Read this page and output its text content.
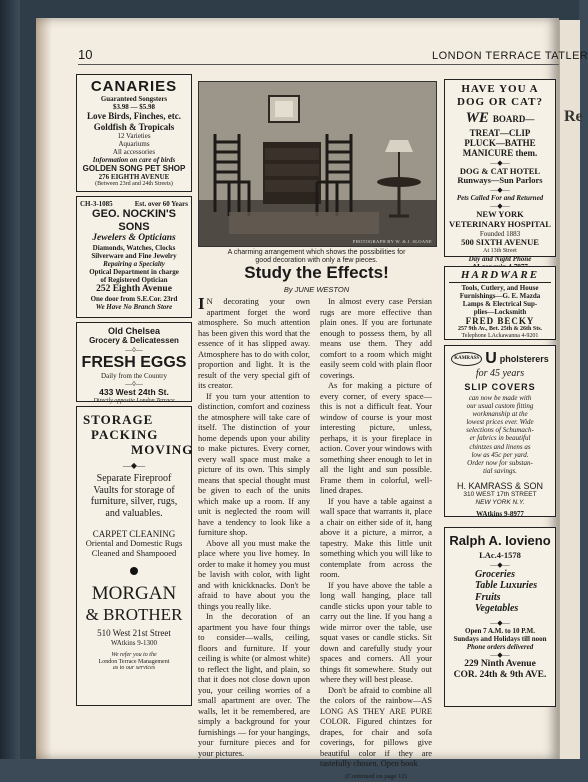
Re
10	LONDON TERRACE TATLER
CANARIES
Guaranteed Songsters
$3.98 — $5.98
Love Birds, Finches, etc.
Goldfish & Tropicals
12 Varieties
Aquariums
All accessories
Information on care of birds
GOLDEN SONG PET SHOP
276 EIGHTH AVENUE
(Between 23rd and 24th Streets)
CH-3-1085	Est. over 60 Years
GEO. NOCKIN'S SONS
Jewelers & Opticians
Diamonds, Watches, Clocks
Silverware and Fine Jewelry
Repairing a Specialty
Optical Department in charge
of Registered Optician
252 Eighth Avenue
One door from S.E.Cor. 23rd
We Have No Branch Store
Old Chelsea
Grocery & Delicatessen
—◊—
FRESH EGGS
Daily from the Country
—◊—
433 West 24th St.
Directly opposite London Terrace
STORAGE
PACKING
MOVING
—◆—
Separate Fireproof
Vaults for storage of
furniture, silver, rugs,
and valuables.
CARPET CLEANING
Oriental and Domestic Rugs
Cleaned and Shampooed
MORGAN
& BROTHER
510 West 21st Street
WAtkins 9-1300
We refer you to the
London Terrace Management
as to our services
PHOTOGRAPH BY W. & J. SLOANE
A charming arrangement which shows the possibilities for
good decoration with only a few pieces.
Study the Effects!
By JUNE WESTON
I N decorating your own apartment forget the word atmosphere. So much attention has been given this word that the essence of it has slipped away. Atmosphere has to do with color, proportion and light. It is the result of the very special gift of its creator.

If you turn your attention to distinction, comfort and coziness the atmosphere will take care of itself. The distinction of your home depends upon your ability to make pictures. Every corner, every wall space must make a picture of its own. This simply means that special thought must be given to each of the units which make up a room. If any unit is neglected the room will have a tendency to look like a furniture shop.

Above all you must make the place where you live homey. In order to make it homey you must be lavish with color, with light and with knickknacks. Don't be afraid to have about you the things you really like.

In the decoration of an apartment you have four things to consider—walls, ceiling, floors and furniture. If your ceiling is white (or almost white) to reflect the light, and plain, so that it does not close down upon you, your ceiling worries of a small apartment are over. The walls, let it be remembered, are simply a background for your furnishings — for your hangings, your furniture pieces and for your pictures.

In almost every case Persian rugs are more effective than plain ones. If you are fortunate enough to possess them, by all means use them. They add comfort to a room which might easily seem cold with plain floor coverings.

As for making a picture of every corner, of every space—this is not a difficult feat. Your window of course is your most interesting picture, unless, perhaps, it is your fireplace in action. Cover your windows with something sheer enough to let in all the light and sun possible. Frame them in colorful, well-lined drapes.

If you have a table against a wall space that warrants it, place a chair on either side of it, hang above it a picture, a mirror, a tapestry. Make this little unit something which you will like to contemplate from across the room.

If you have above the table a long wall hanging, place tall candle sticks upon your table to carry out the line. If you hang a wide mirror over the table, use squat vases or candle sticks. Sit down and carefully study your spaces and corners. All your things fit somewhere. Study out where they will best please.

Don't be afraid to combine all the colors of the rainbow—AS LONG AS THEY ARE PURE COLOR. Figured chintzes for drapes, for chair and sofa coverings, for pillows give beautiful color if they are tastefully chosen. Open book

(Continued on page 12)
HAVE YOU A
DOG OR CAT?
WE BOARD—
TREAT—CLIP
PLUCK—BATHE
MANICURE them.
—◆—
DOG & CAT HOTEL
Runways—Sun Parlors
—◆—
Pets Called For and Returned
—◆—
NEW YORK
VETERINARY HOSPITAL
Founded 1883
500 SIXTH AVENUE
At 13th Street
Day and Night Phone
HARDWARE
Tools, Cutlery, and House
Furnishings—G. E. Mazda
Lamps & Electrical Sup-
plies—Locksmith
FRED BECKY
257 9th Av., Bet. 25th & 26th Sts.
Telephone LAckawanna 4-9201
KAMRASS U pholsterers
for 45 years
SLIP COVERS
can now be made with
our usual custom fitting
workmanship at the
lowest prices ever. Wide
selections of Schumach-
er fabrics in beautiful
chintzes and linens as
low as 45c per yard.
Order now for substan-
tial savings.
H. KAMRASS & SON
310 WEST 17th STREET
NEW YORK N.Y.
WAtkins 9-8977
Ralph A. Iovieno
LAc.4-1578
—◆—
Groceries
Table Luxuries
Fruits
Vegetables
—◆—
Open 7 A.M. to 10 P.M.
Sundays and Holidays till noon
Phone orders delivered
—◆—
229 Ninth Avenue
COR. 24th & 9th AVE.
